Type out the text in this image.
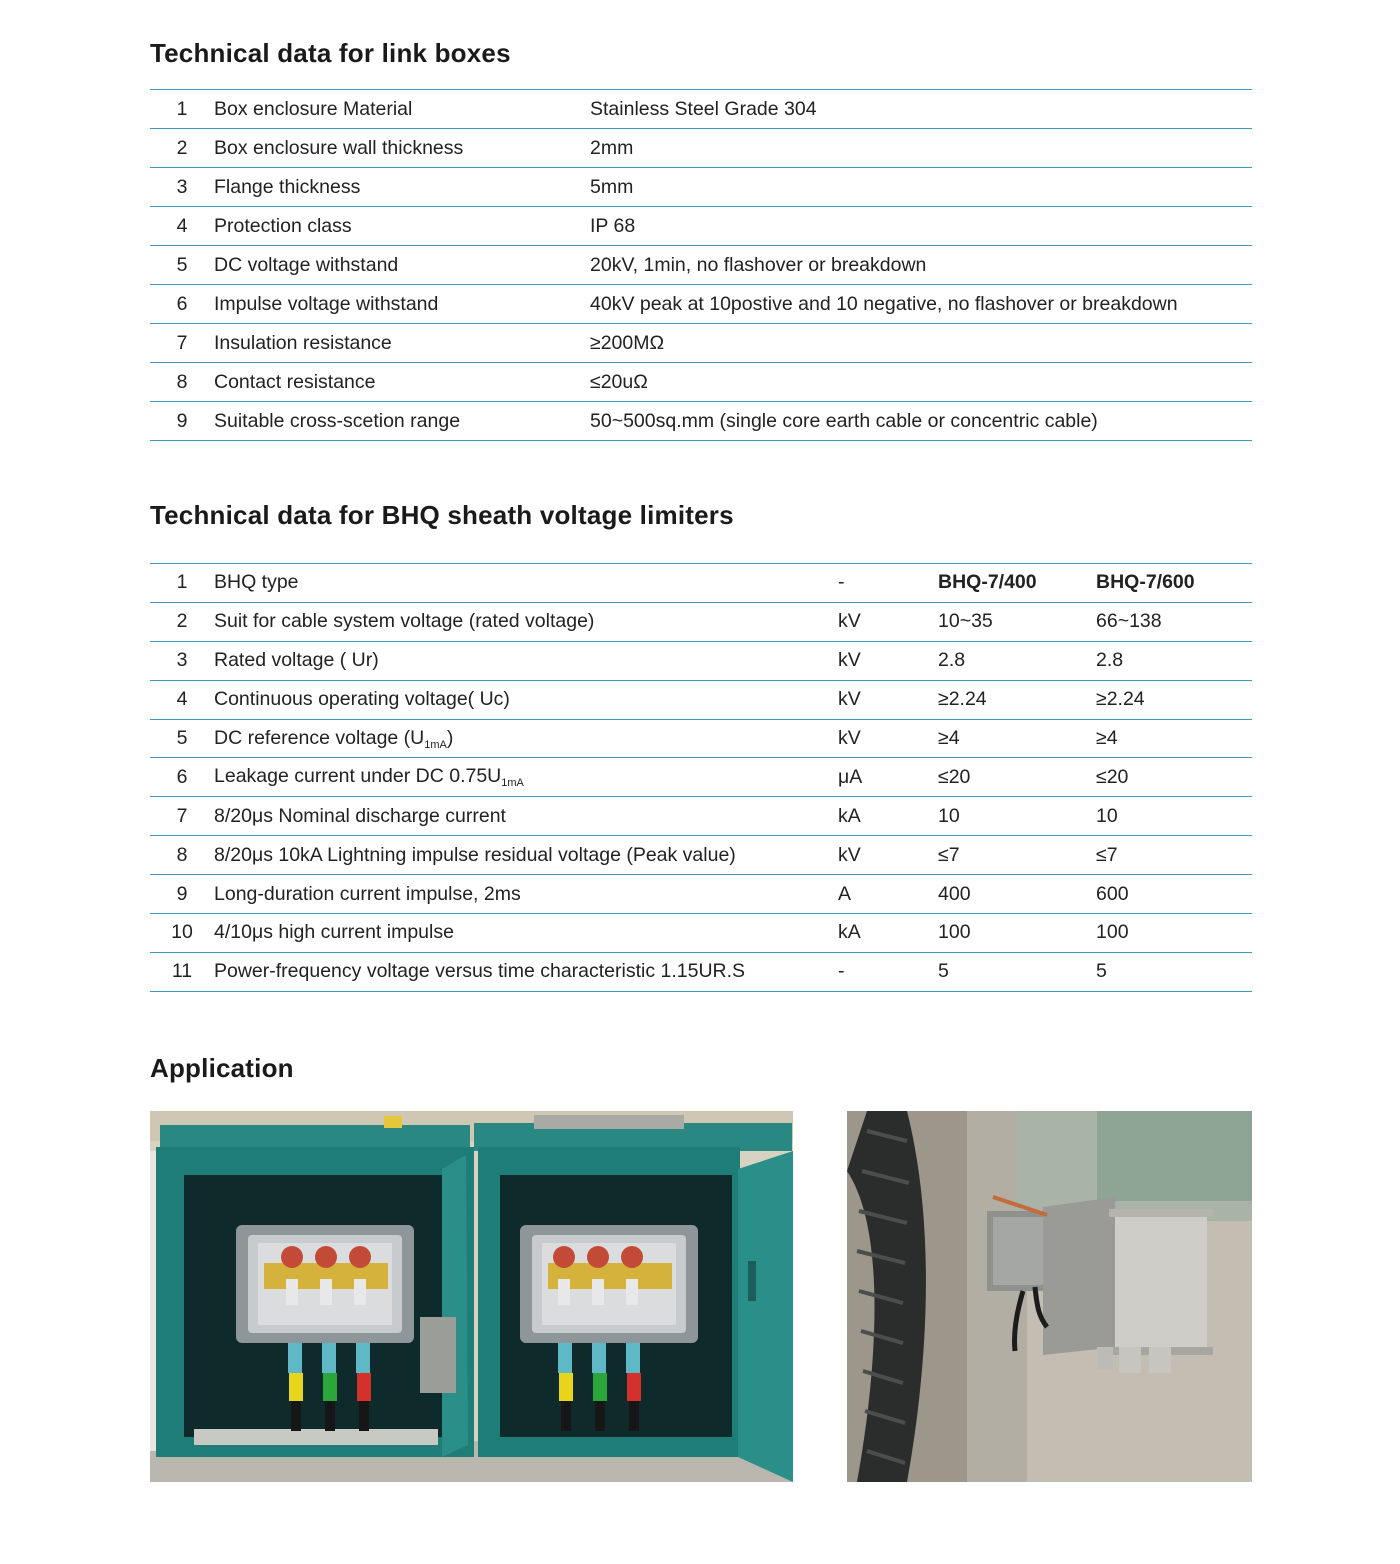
Technical data for link boxes
1	Box enclosure Material	Stainless Steel Grade 304
2	Box enclosure wall thickness	2mm
3	Flange thickness	5mm
4	Protection class	IP 68
5	DC voltage withstand	20kV, 1min, no flashover or breakdown
6	Impulse voltage withstand	40kV peak at 10postive and 10 negative, no flashover or breakdown
7	Insulation resistance	≥200MΩ
8	Contact resistance	≤20uΩ
9	Suitable cross-scetion range	50~500sq.mm (single core earth cable or concentric cable)
Technical data for BHQ sheath voltage limiters
1	BHQ type	-	BHQ-7/400	BHQ-7/600
2	Suit for cable system voltage (rated voltage)	kV	10~35	66~138
3	Rated voltage ( Ur)	kV	2.8	2.8
4	Continuous operating voltage( Uc)	kV	≥2.24	≥2.24
5	DC reference voltage $(U_{1mA})$	kV	≥4	≥4
6	Leakage current under DC $0.75U_{1mA}$	μA	≤20	≤20
7	8/20μs Nominal discharge current	kA	10	10
8	8/20μs 10kA Lightning impulse residual voltage (Peak value)	kV	≤7	≤7
9	Long-duration current impulse, 2ms	A	400	600
10	4/10μs high current impulse	kA	100	100
11	Power-frequency voltage versus time characteristic 1.15UR.S	-	5	5
Application
